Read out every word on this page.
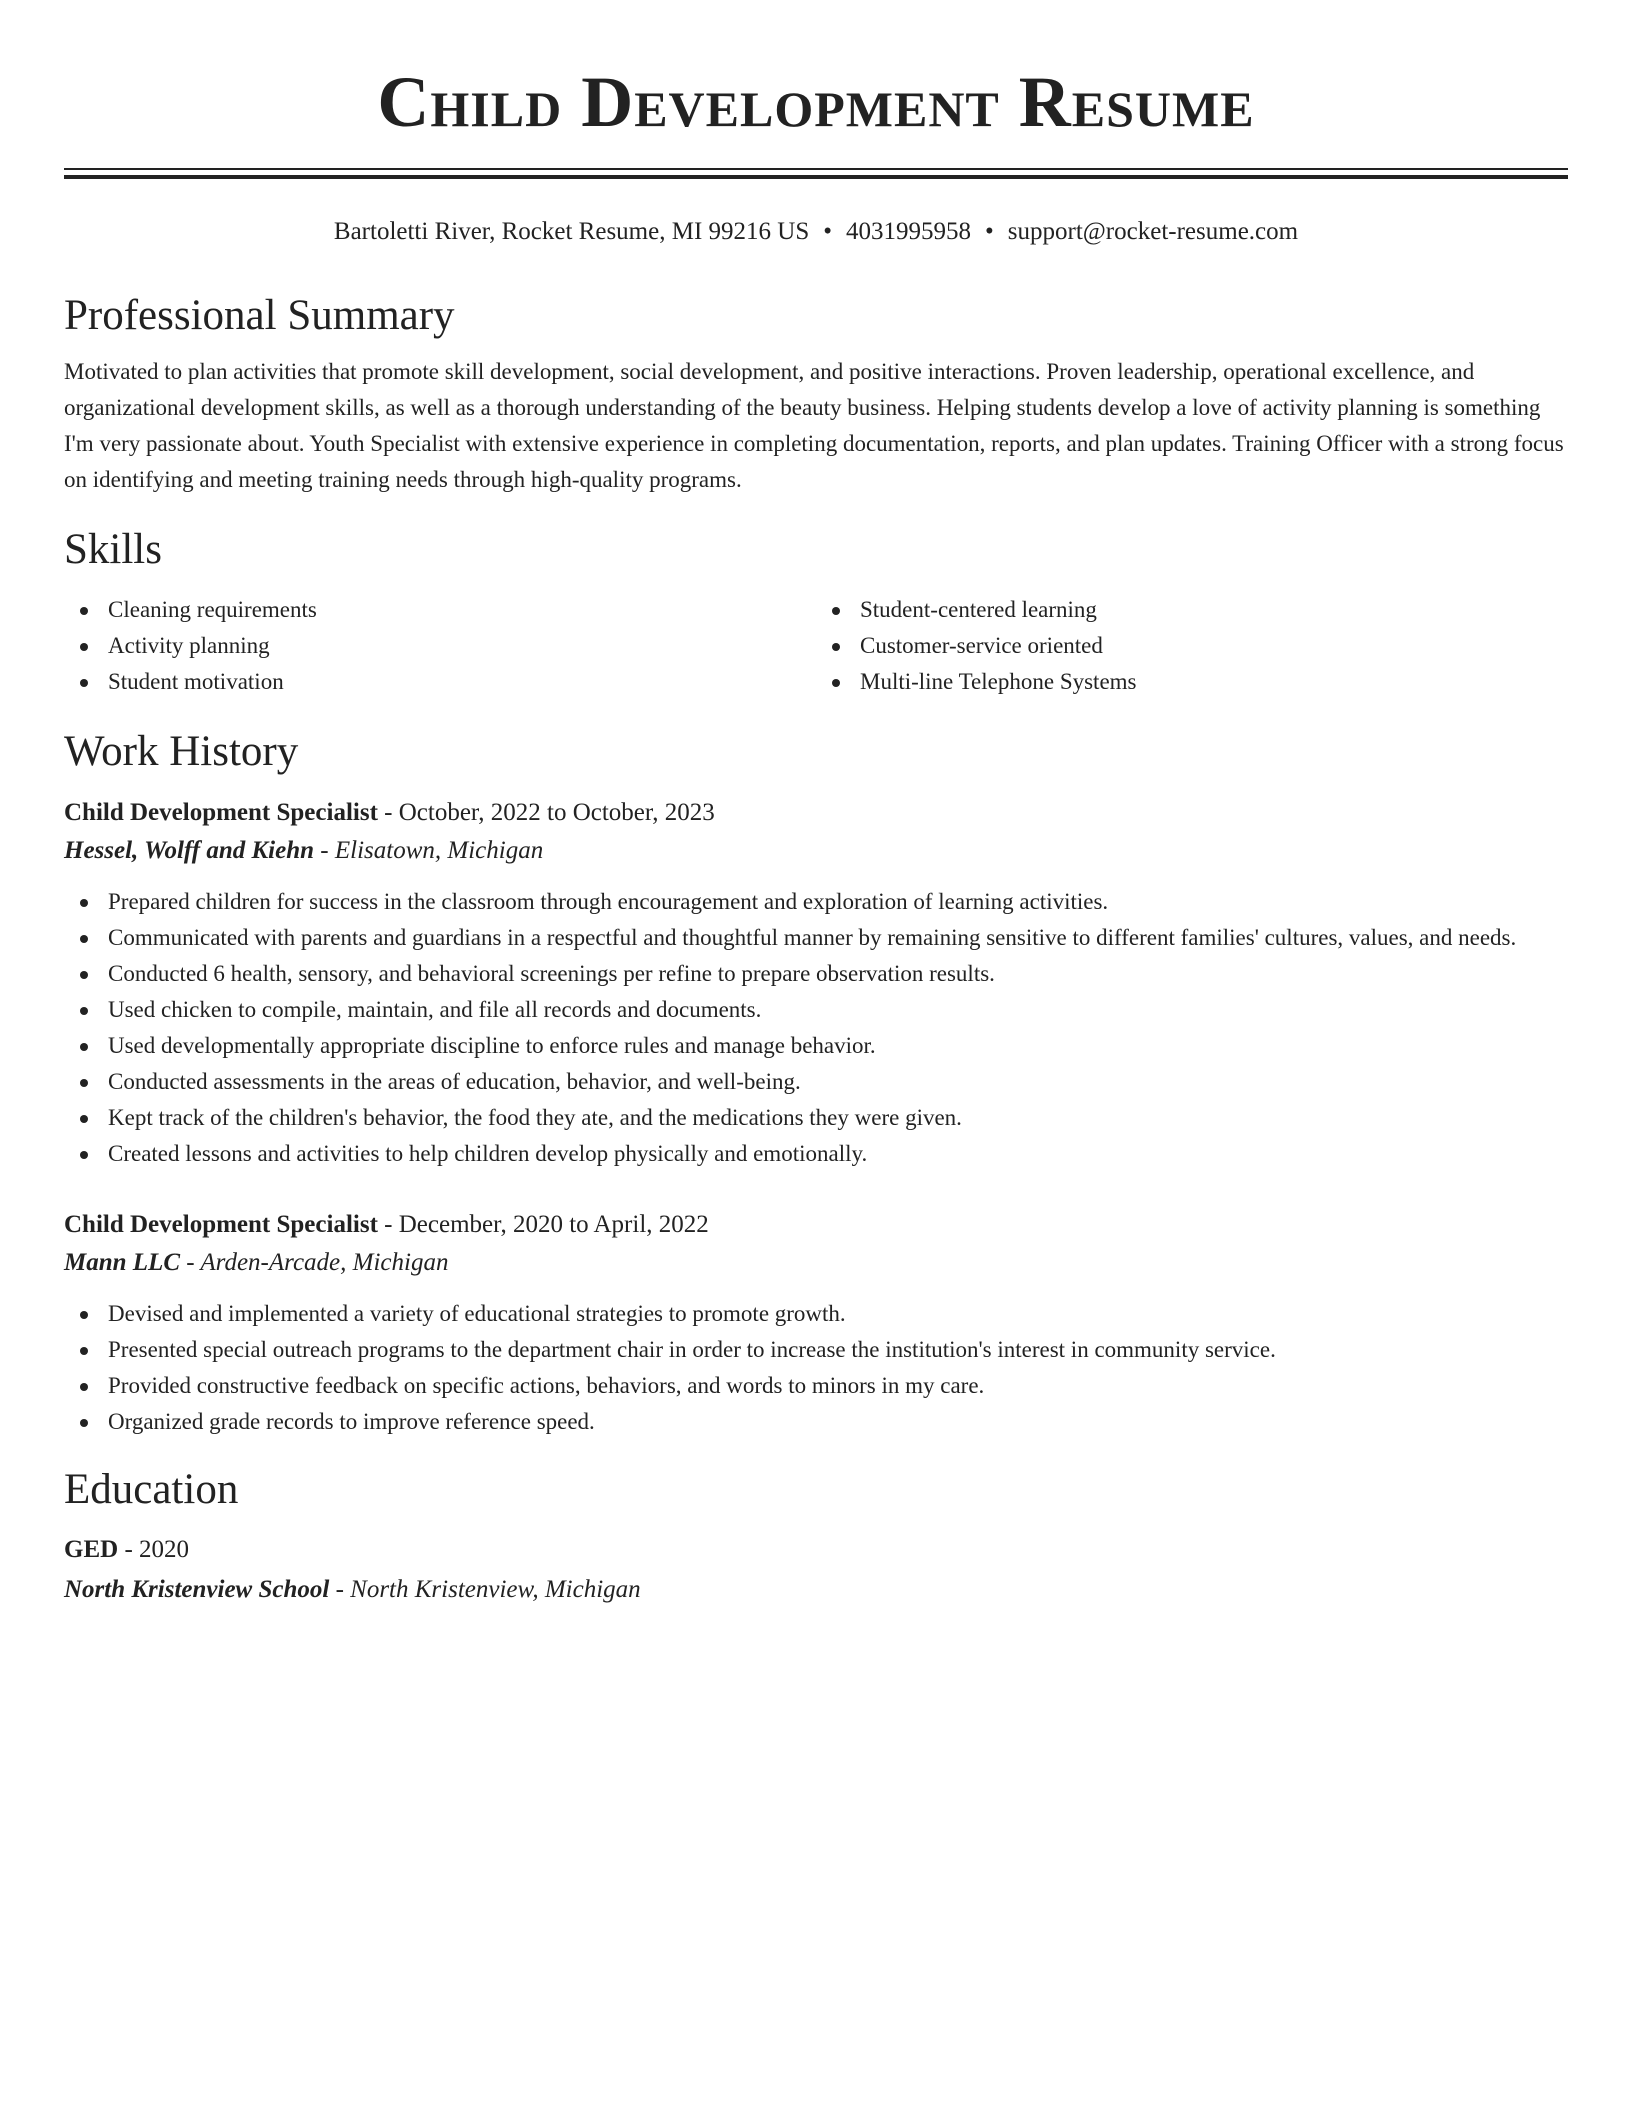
Child Development Resume
Bartoletti River, Rocket Resume, MI 99216 US • 4031995958 • support@rocket-resume.com
Professional Summary

Motivated to plan activities that promote skill development, social development, and positive interactions. Proven leadership, operational excellence, and organizational development skills, as well as a thorough understanding of the beauty business. Helping students develop a love of activity planning is something I'm very passionate about. Youth Specialist with extensive experience in completing documentation, reports, and plan updates. Training Officer with a strong focus on identifying and meeting training needs through high-quality programs.

Skills
Cleaning requirements
Activity planning
Student motivation
Student-centered learning
Customer-service oriented
Multi-line Telephone Systems
Work History
Child Development Specialist - October, 2022 to October, 2023
Hessel, Wolff and Kiehn - Elisatown, Michigan
Prepared children for success in the classroom through encouragement and exploration of learning activities.
Communicated with parents and guardians in a respectful and thoughtful manner by remaining sensitive to different families' cultures, values, and needs.
Conducted 6 health, sensory, and behavioral screenings per refine to prepare observation results.
Used chicken to compile, maintain, and file all records and documents.
Used developmentally appropriate discipline to enforce rules and manage behavior.
Conducted assessments in the areas of education, behavior, and well-being.
Kept track of the children's behavior, the food they ate, and the medications they were given.
Created lessons and activities to help children develop physically and emotionally.
Child Development Specialist - December, 2020 to April, 2022
Mann LLC - Arden-Arcade, Michigan
Devised and implemented a variety of educational strategies to promote growth.
Presented special outreach programs to the department chair in order to increase the institution's interest in community service.
Provided constructive feedback on specific actions, behaviors, and words to minors in my care.
Organized grade records to improve reference speed.
Education
GED - 2020
North Kristenview School - North Kristenview, Michigan
